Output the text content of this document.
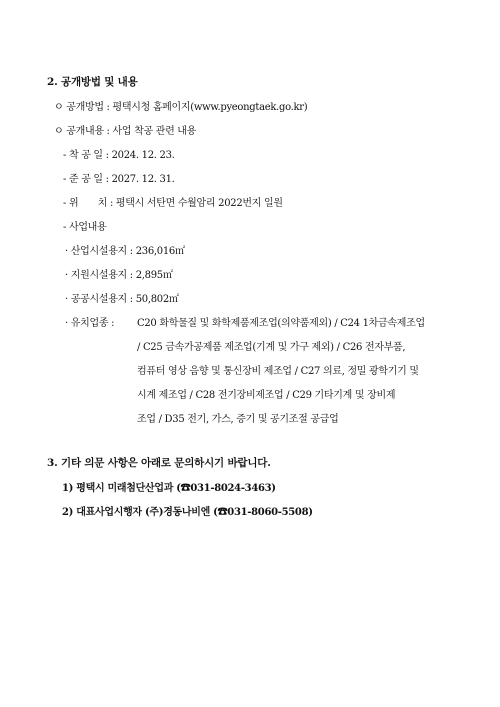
2. 공개방법 및 내용
ㅇ 공개방법 : 평택시청 홈페이지(www.pyeongtaek.go.kr)
ㅇ 공개내용 : 사업 착공 관련 내용
- 착 공 일 : 2024. 12. 23.
- 준 공 일 : 2027. 12. 31.
- 위　　치 : 평택시 서탄면 수월암리 2022번지 일원
- 사업내용
· 산업시설용지 : 236,016㎡
· 지원시설용지 : 2,895㎡
· 공공시설용지 : 50,802㎡
· 유치업종 : C20 화학물질 및 화학제품제조업(의약품제외) / C24 1차금속제조업
/ C25 금속가공제품 제조업(기계 및 가구 제외) / C26 전자부품,
컴퓨터 영상 음향 및 통신장비 제조업 / C27 의료, 정밀 광학기기 및
시계 제조업 / C28 전기장비제조업 / C29 기타기계 및 장비제
조업 / D35 전기, 가스, 증기 및 공기조절 공급업
3. 기타 의문 사항은 아래로 문의하시기 바랍니다.
1) 평택시 미래첨단산업과 (☎031-8024-3463)
2) 대표사업시행자 (주)경동나비엔 (☎031-8060-5508)
